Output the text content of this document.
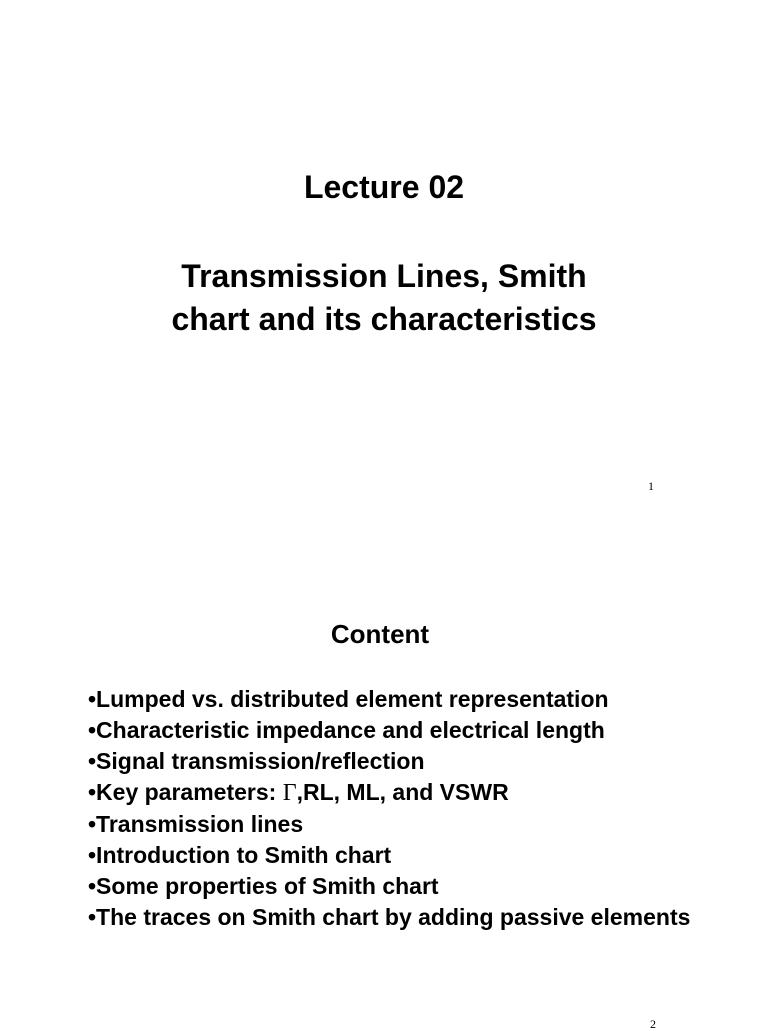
Lecture 02
Transmission Lines, Smith
chart and its characteristics
1
Content
•Lumped vs. distributed element representation
•Characteristic impedance and electrical length
•Signal transmission/reflection
•Key parameters: Γ,RL, ML, and VSWR
•Transmission lines
•Introduction to Smith chart
•Some properties of Smith chart
•The traces on Smith chart by adding passive elements
2
